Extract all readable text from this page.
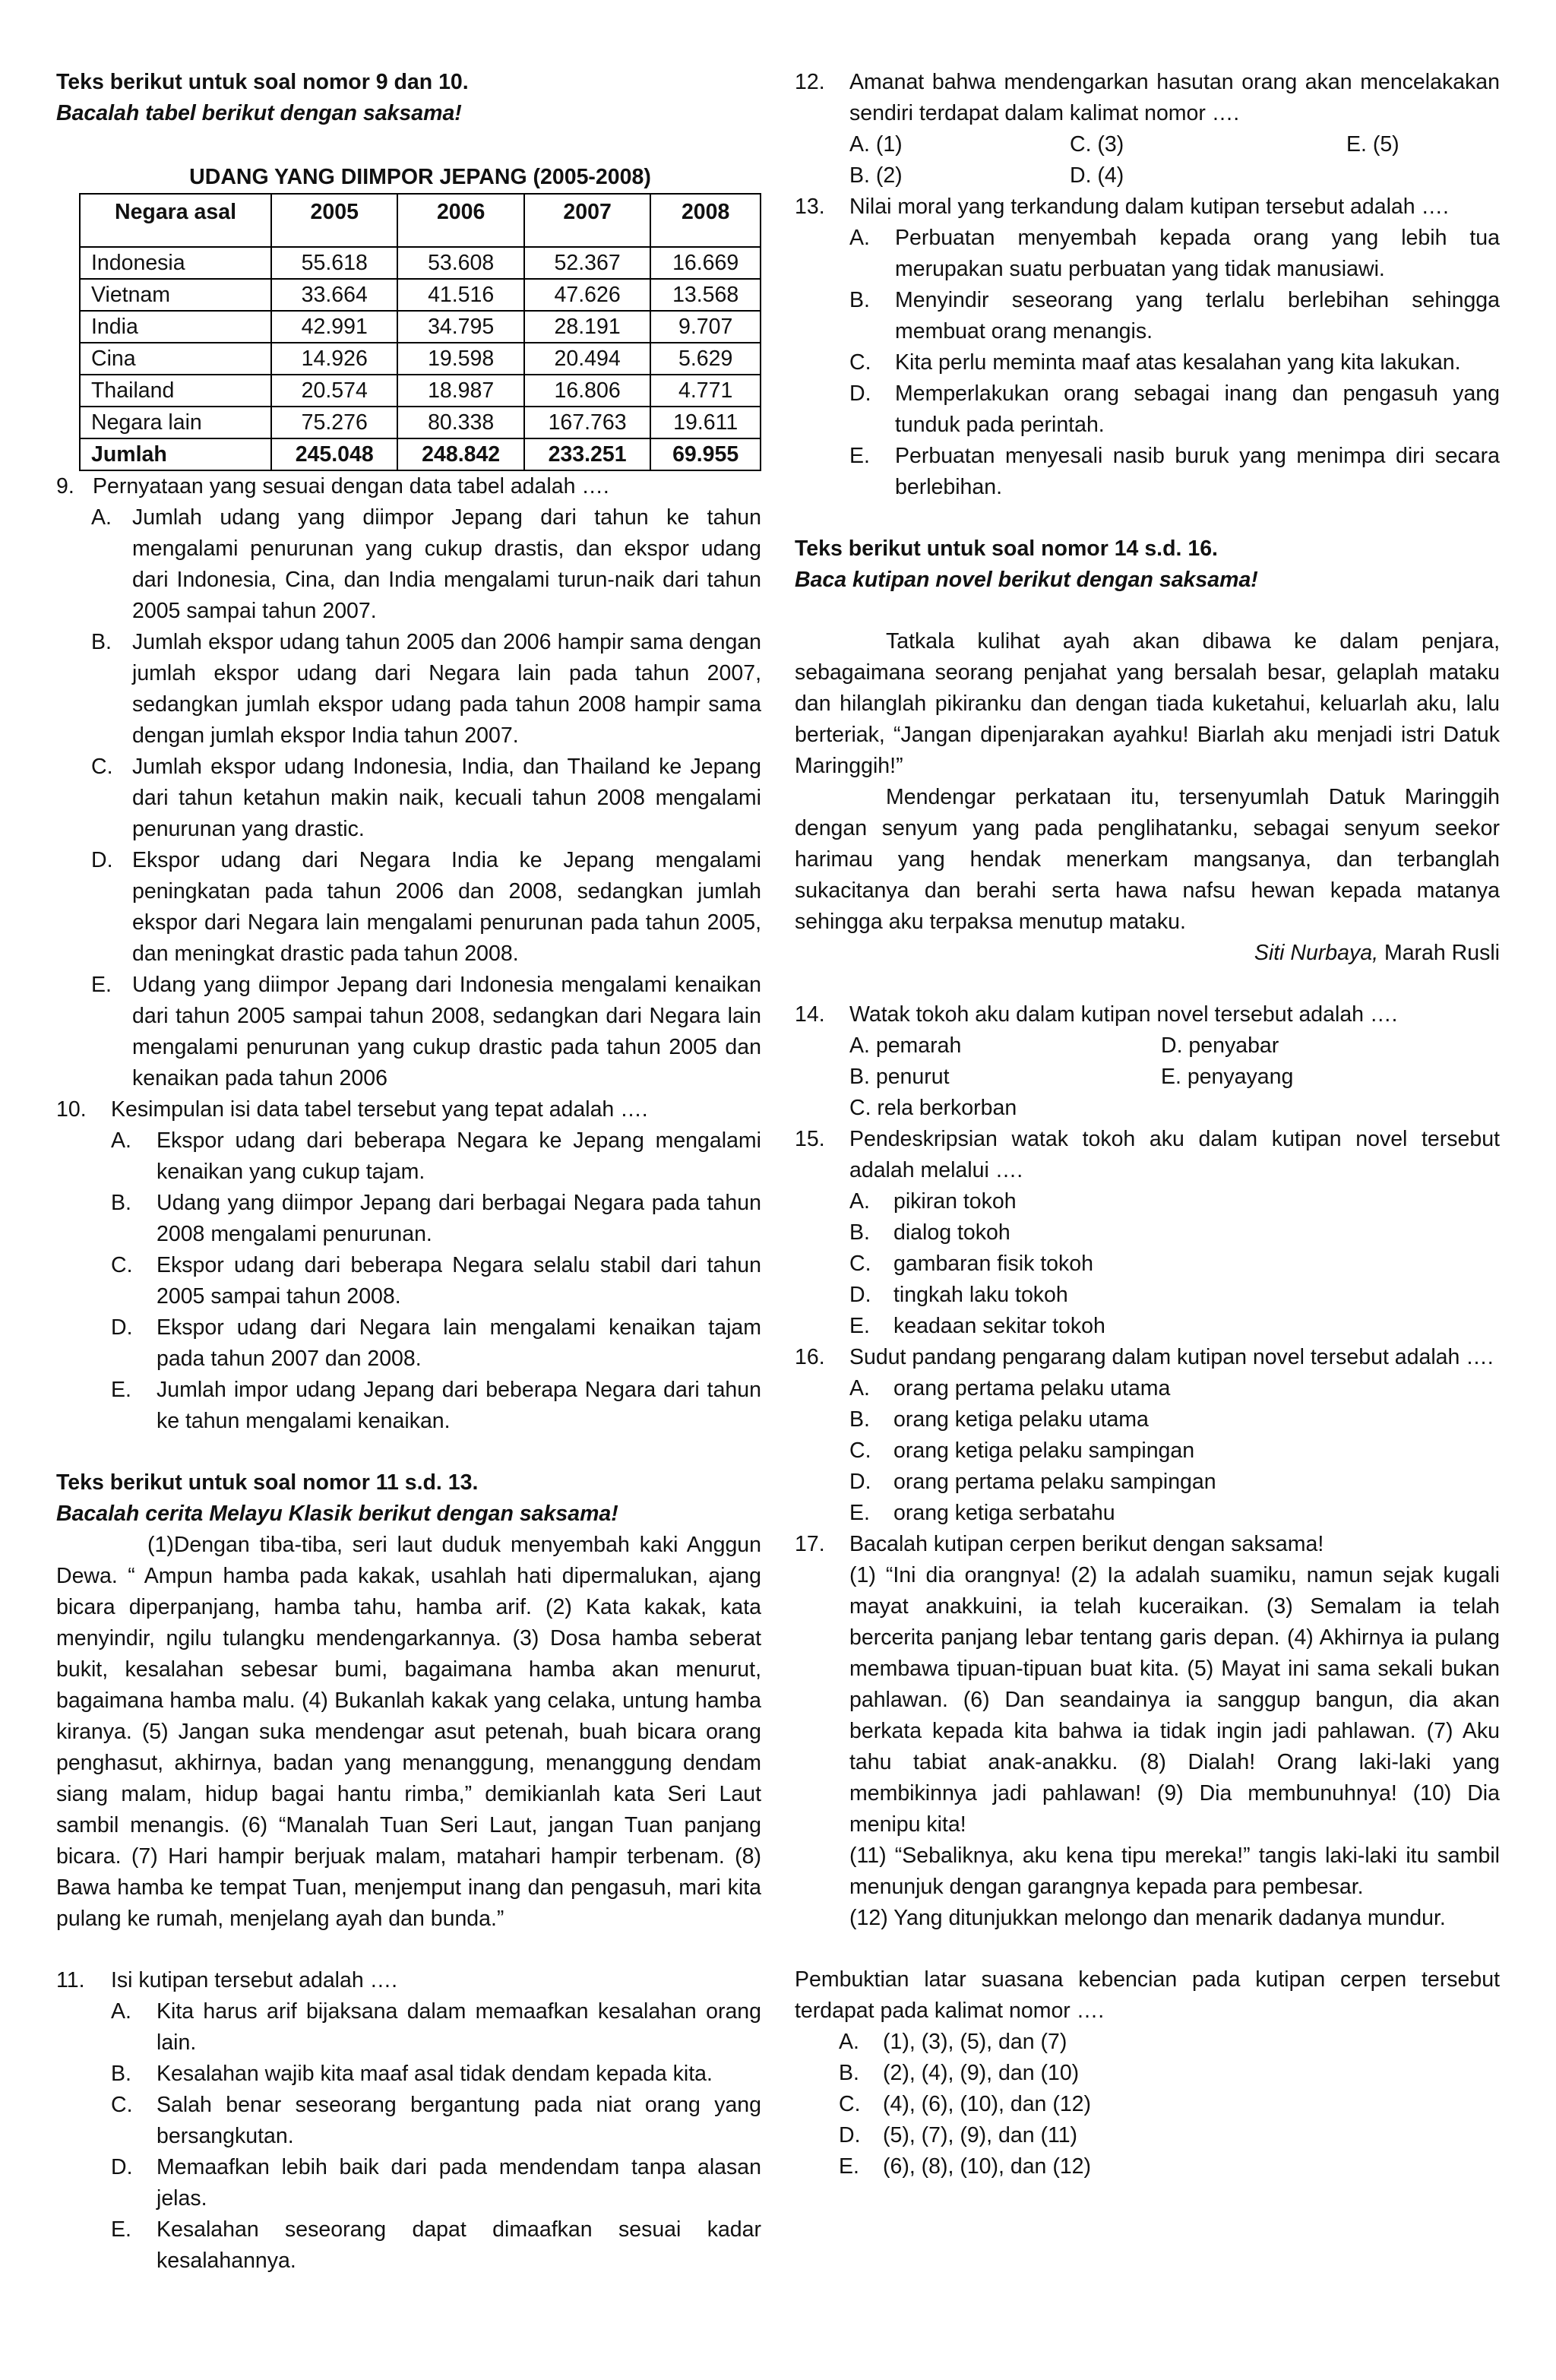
Teks berikut untuk soal nomor 9 dan 10.

Bacalah tabel berikut dengan saksama!

UDANG YANG DIIMPOR JEPANG (2005-2008)

Negara asal	2005	2006	2007	2008
Indonesia	55.618	53.608	52.367	16.669
Vietnam	33.664	41.516	47.626	13.568
India	42.991	34.795	28.191	9.707
Cina	14.926	19.598	20.494	5.629
Thailand	20.574	18.987	16.806	4.771
Negara lain	75.276	80.338	167.763	19.611
Jumlah	245.048	248.842	233.251	69.955
9. Pernyataan yang sesuai dengan data tabel adalah ….
A. Jumlah udang yang diimpor Jepang dari tahun ke tahun mengalami penurunan yang cukup drastis, dan ekspor udang dari Indonesia, Cina, dan India mengalami turun-naik dari tahun 2005 sampai tahun 2007.
B. Jumlah ekspor udang tahun 2005 dan 2006 hampir sama dengan jumlah ekspor udang dari Negara lain pada tahun 2007, sedangkan jumlah ekspor udang pada tahun 2008 hampir sama dengan jumlah ekspor India tahun 2007.
C. Jumlah ekspor udang Indonesia, India, dan Thailand ke Jepang dari tahun ketahun makin naik, kecuali tahun 2008 mengalami penurunan yang drastic.
D. Ekspor udang dari Negara India ke Jepang mengalami peningkatan pada tahun 2006 dan 2008, sedangkan jumlah ekspor dari Negara lain mengalami penurunan pada tahun 2005, dan meningkat drastic pada tahun 2008.
E. Udang yang diimpor Jepang dari Indonesia mengalami kenaikan dari tahun 2005 sampai tahun 2008, sedangkan dari Negara lain mengalami penurunan yang cukup drastic pada tahun 2005 dan kenaikan pada tahun 2006
10.	Kesimpulan isi data tabel tersebut yang tepat adalah ….
A.	Ekspor udang dari beberapa Negara ke Jepang mengalami kenaikan yang cukup tajam.
B.	Udang yang diimpor Jepang dari berbagai Negara pada tahun 2008 mengalami penurunan.
C.	Ekspor udang dari beberapa Negara selalu stabil dari tahun 2005 sampai tahun 2008.
D.	Ekspor udang dari Negara lain mengalami kenaikan tajam pada tahun 2007 dan 2008.
E.	Jumlah impor udang Jepang dari beberapa Negara dari tahun ke tahun mengalami kenaikan.

Teks berikut untuk soal nomor 11 s.d. 13.

Bacalah cerita Melayu Klasik berikut dengan saksama!

(1)Dengan tiba-tiba, seri laut duduk menyembah kaki Anggun Dewa. “ Ampun hamba pada kakak, usahlah hati dipermalukan, ajang bicara diperpanjang, hamba tahu, hamba arif. (2) Kata kakak, kata menyindir, ngilu tulangku mendengarkannya. (3) Dosa hamba seberat bukit, kesalahan sebesar bumi, bagaimana hamba akan menurut, bagaimana hamba malu. (4) Bukanlah kakak yang celaka, untung hamba kiranya. (5) Jangan suka mendengar asut petenah, buah bicara orang penghasut, akhirnya, badan yang menanggung, menanggung dendam siang malam, hidup bagai hantu rimba,” demikianlah kata Seri Laut sambil menangis. (6) “Manalah Tuan Seri Laut, jangan Tuan panjang bicara. (7) Hari hampir berjuak malam, matahari hampir terbenam. (8) Bawa hamba ke tempat Tuan, menjemput inang dan pengasuh, mari kita pulang ke rumah, menjelang ayah dan bunda.”

11.	Isi kutipan tersebut adalah ….
A.	Kita harus arif bijaksana dalam memaafkan kesalahan orang lain.
B.	Kesalahan wajib kita maaf asal tidak dendam kepada kita.
C.	Salah benar seseorang bergantung pada niat orang yang bersangkutan.
D.	Memaafkan lebih baik dari pada mendendam tanpa alasan jelas.
E.	Kesalahan seseorang dapat dimaafkan sesuai kadar kesalahannya.
12.	Amanat bahwa mendengarkan hasutan orang akan mencelakakan sendiri terdapat dalam kalimat nomor ….
A. (1)	C. (3)	E. (5)
B. (2)	D. (4)
13.	Nilai moral yang terkandung dalam kutipan tersebut adalah ….
A.	Perbuatan menyembah kepada orang yang lebih tua merupakan suatu perbuatan yang tidak manusiawi.
B.	Menyindir seseorang yang terlalu berlebihan sehingga membuat orang menangis.
C.	Kita perlu meminta maaf atas kesalahan yang kita lakukan.
D.	Memperlakukan orang sebagai inang dan pengasuh yang tunduk pada perintah.
E.	Perbuatan menyesali nasib buruk yang menimpa diri secara berlebihan.

Teks berikut untuk soal nomor 14 s.d. 16.

Baca kutipan novel berikut dengan saksama!

Tatkala kulihat ayah akan dibawa ke dalam penjara, sebagaimana seorang penjahat yang bersalah besar, gelaplah mataku dan hilanglah pikiranku dan dengan tiada kuketahui, keluarlah aku, lalu berteriak, “Jangan dipenjarakan ayahku! Biarlah aku menjadi istri Datuk Maringgih!”

Mendengar perkataan itu, tersenyumlah Datuk Maringgih dengan senyum yang pada penglihatanku, sebagai senyum seekor harimau yang hendak menerkam mangsanya, dan terbanglah sukacitanya dan berahi serta hawa nafsu hewan kepada matanya sehingga aku terpaksa menutup mataku.

Siti Nurbaya, Marah Rusli

14.	Watak tokoh aku dalam kutipan novel tersebut adalah ….
A. pemarah	D. penyabar
B. penurut	E. penyayang
C. rela berkorban
15.	Pendeskripsian watak tokoh aku dalam kutipan novel tersebut adalah melalui ….
A.	pikiran tokoh
B.	dialog tokoh
C.	gambaran fisik tokoh
D.	tingkah laku tokoh
E.	keadaan sekitar tokoh
16.	Sudut pandang pengarang dalam kutipan novel tersebut adalah ….
A.	orang pertama pelaku utama
B.	orang ketiga pelaku utama
C.	orang ketiga pelaku sampingan
D.	orang pertama pelaku sampingan
E.	orang ketiga serbatahu
17.	Bacalah kutipan cerpen berikut dengan saksama!

(1) “Ini dia orangnya! (2) Ia adalah suamiku, namun sejak kugali mayat anakkuini, ia telah kuceraikan. (3) Semalam ia telah bercerita panjang lebar tentang garis depan. (4) Akhirnya ia pulang membawa tipuan-tipuan buat kita. (5) Mayat ini sama sekali bukan pahlawan. (6) Dan seandainya ia sanggup bangun, dia akan berkata kepada kita bahwa ia tidak ingin jadi pahlawan. (7) Aku tahu tabiat anak-anakku. (8) Dialah! Orang laki-laki yang membikinnya jadi pahlawan! (9) Dia membunuhnya! (10) Dia menipu kita!

(11) “Sebaliknya, aku kena tipu mereka!” tangis laki-laki itu sambil menunjuk dengan garangnya kepada para pembesar.

(12) Yang ditunjukkan melongo dan menarik dadanya mundur.

Pembuktian latar suasana kebencian pada kutipan cerpen tersebut terdapat pada kalimat nomor ….

A.	(1), (3), (5), dan (7)
B.	(2), (4), (9), dan (10)
C.	(4), (6), (10), dan (12)
D.	(5), (7), (9), dan (11)
E.	(6), (8), (10), dan (12)
